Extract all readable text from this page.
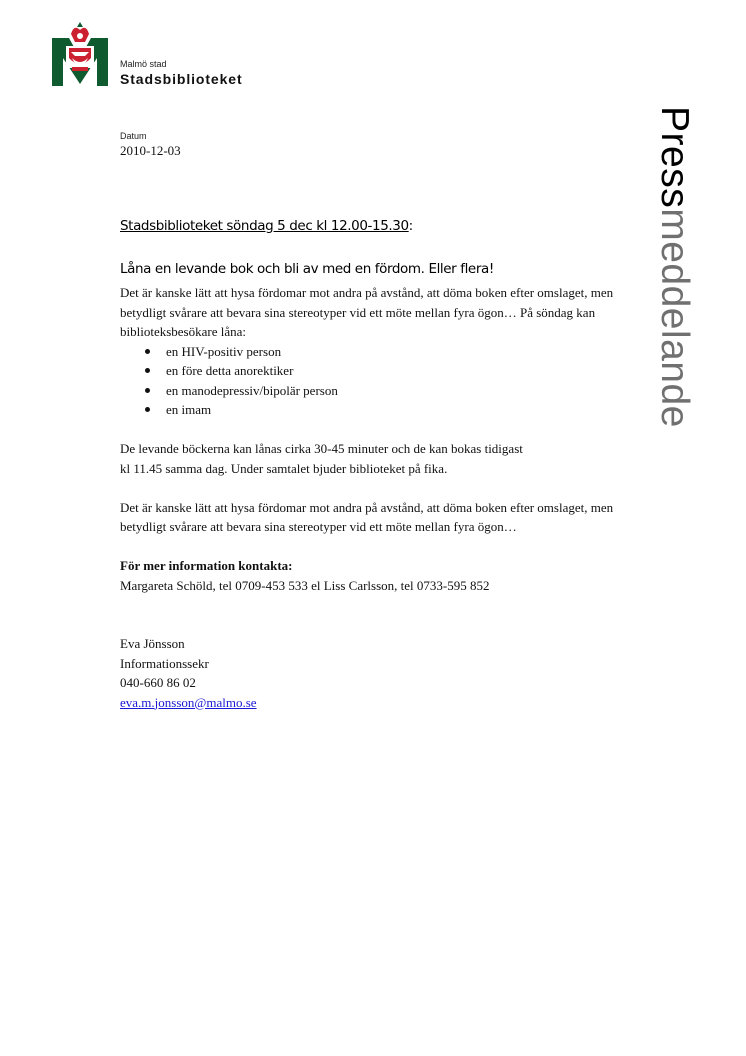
Malmö stad
Stadsbiblioteket
Pressmeddelande
Datum
2010-12-03
Stadsbiblioteket söndag 5 dec kl 12.00-15.30:
Låna en levande bok och bli av med en fördom. Eller flera!

Det är kanske lätt att hysa fördomar mot andra på avstånd, att döma boken efter omslaget, men betydligt svårare att bevara sina stereotyper vid ett möte mellan fyra ögon… På söndag kan biblioteksbesökare låna:

en HIV-positiv person
en före detta anorektiker
en manodepressiv/bipolär person
en imam

De levande böckerna kan lånas cirka 30-45 minuter och de kan bokas tidigast

kl 11.45 samma dag. Under samtalet bjuder biblioteket på fika.

Det är kanske lätt att hysa fördomar mot andra på avstånd, att döma boken efter omslaget, men betydligt svårare att bevara sina stereotyper vid ett möte mellan fyra ögon…

För mer information kontakta:

Margareta Schöld, tel 0709-453 533 el Liss Carlsson, tel 0733-595 852

Eva Jönsson

Informationssekr

040-660 86 02

eva.m.jonsson@malmo.se
